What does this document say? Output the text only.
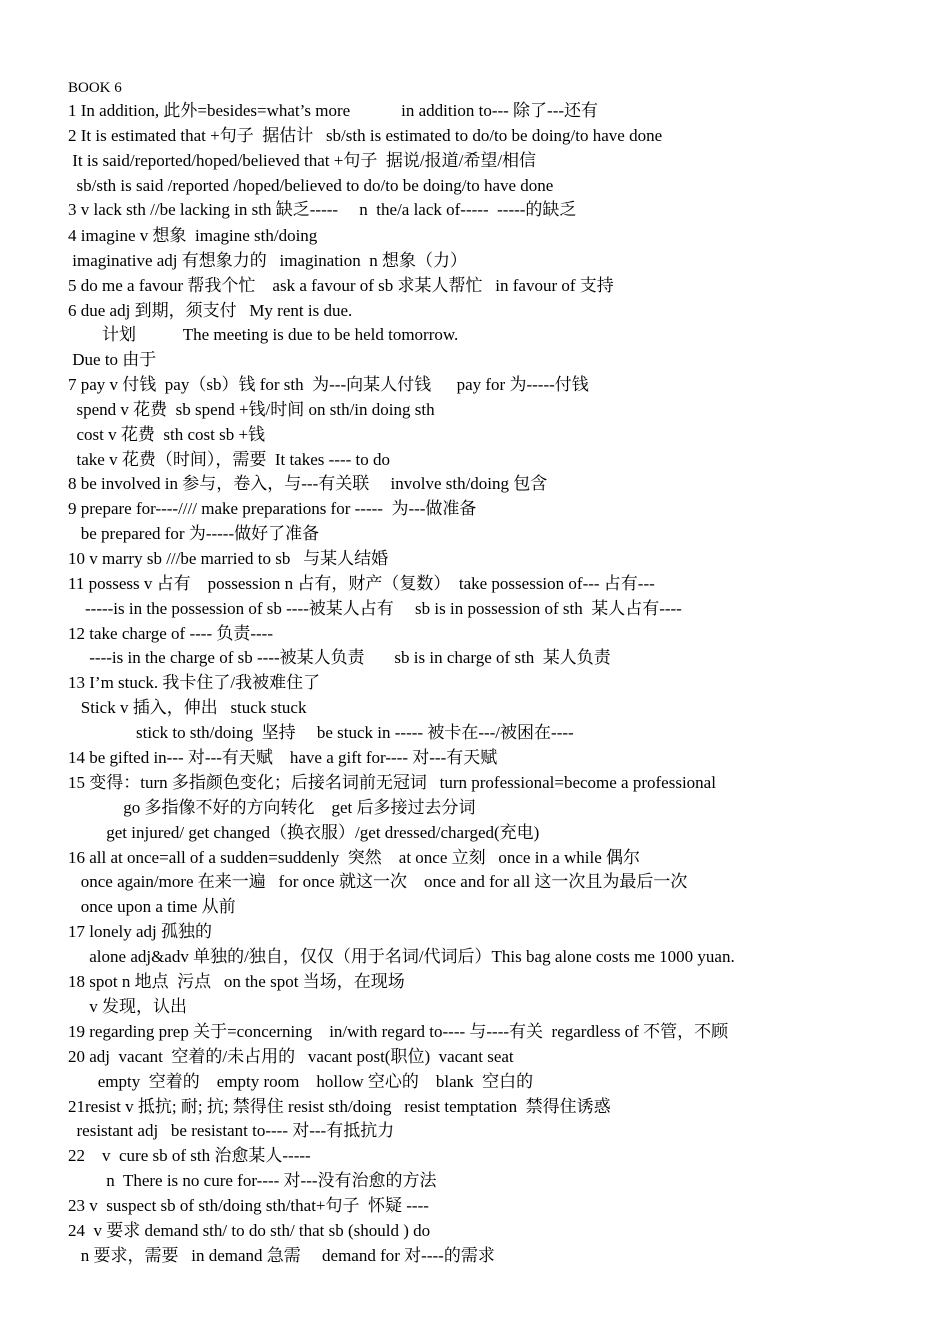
BOOK 6
1 In addition, 此外=besides=what’s more            in addition to--- 除了---还有
2 It is estimated that +句子  据估计   sb/sth is estimated to do/to be doing/to have done
It is said/reported/hoped/believed that +句子  据说/报道/希望/相信
sb/sth is said /reported /hoped/believed to do/to be doing/to have done
3 v lack sth //be lacking in sth 缺乏-----     n  the/a lack of-----  -----的缺乏
4 imagine v 想象  imagine sth/doing
imaginative adj 有想象力的   imagination  n 想象（力）
5 do me a favour 帮我个忙    ask a favour of sb 求某人帮忙   in favour of 支持
6 due adj 到期，须支付   My rent is due.
计划           The meeting is due to be held tomorrow.
Due to 由于
7 pay v 付钱  pay（sb）钱 for sth  为---向某人付钱      pay for 为-----付钱
spend v 花费  sb spend +钱/时间 on sth/in doing sth
cost v 花费  sth cost sb +钱
take v 花费（时间），需要  It takes ---- to do
8 be involved in 参与，卷入，与---有关联     involve sth/doing 包含
9 prepare for----//// make preparations for -----  为---做准备
be prepared for 为-----做好了准备
10 v marry sb ///be married to sb   与某人结婚
11 possess v 占有    possession n 占有，财产（复数）  take possession of--- 占有---
-----is in the possession of sb ----被某人占有     sb is in possession of sth  某人占有----
12 take charge of ---- 负责----
----is in the charge of sb ----被某人负责       sb is in charge of sth  某人负责
13 I’m stuck. 我卡住了/我被难住了
Stick v 插入，伸出   stuck stuck
stick to sth/doing  坚持     be stuck in ----- 被卡在---/被困在----
14 be gifted in--- 对---有天赋    have a gift for---- 对---有天赋
15 变得：turn 多指颜色变化；后接名词前无冠词   turn professional=become a professional
go 多指像不好的方向转化    get 后多接过去分词
get injured/ get changed（换衣服）/get dressed/charged(充电)
16 all at once=all of a sudden=suddenly  突然    at once 立刻   once in a while 偶尔
once again/more 在来一遍   for once 就这一次    once and for all 这一次且为最后一次
once upon a time 从前
17 lonely adj 孤独的
alone adj&adv 单独的/独自，仅仅（用于名词/代词后）This bag alone costs me 1000 yuan.
18 spot n 地点  污点   on the spot 当场，在现场
v 发现，认出
19 regarding prep 关于=concerning    in/with regard to---- 与----有关  regardless of 不管，不顾
20 adj  vacant  空着的/未占用的   vacant post(职位)  vacant seat
empty  空着的    empty room    hollow 空心的    blank  空白的
21resist v 抵抗; 耐; 抗; 禁得住 resist sth/doing   resist temptation  禁得住诱惑
resistant adj   be resistant to---- 对---有抵抗力
22    v  cure sb of sth 治愈某人-----
n  There is no cure for---- 对---没有治愈的方法
23 v  suspect sb of sth/doing sth/that+句子  怀疑 ----
24  v 要求 demand sth/ to do sth/ that sb (should ) do
n 要求，需要   in demand 急需     demand for 对----的需求
